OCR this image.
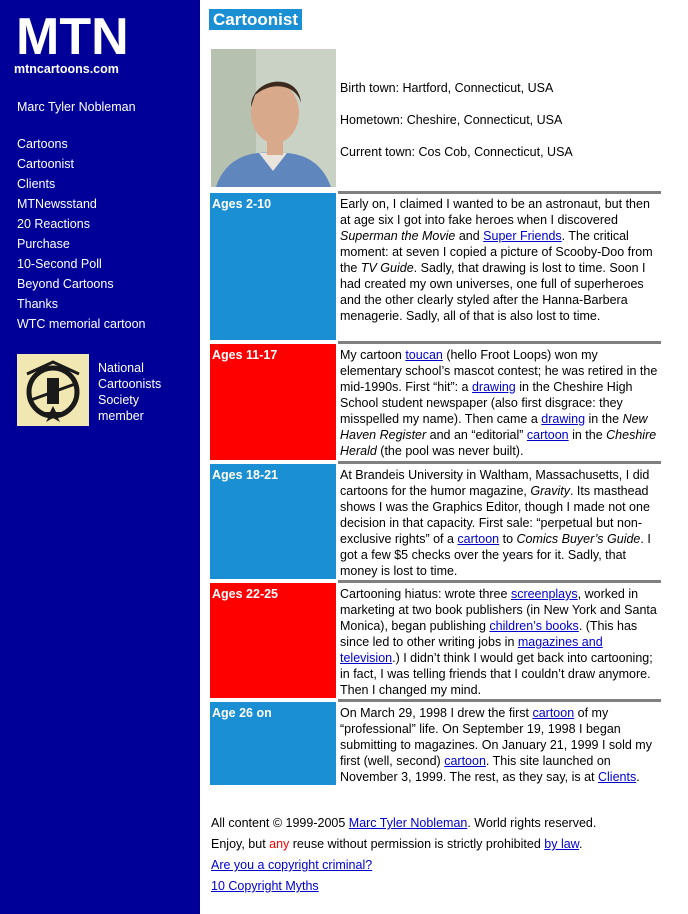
MTN
mtncartoons.com
Marc Tyler Nobleman
Cartoons
Cartoonist
Clients
MTNewsstand
20 Reactions
Purchase
10-Second Poll
Beyond Cartoons
Thanks
WTC memorial cartoon
National
Cartoonists
Society
member
Cartoonist
Birth town: Hartford, Connecticut, USA
Hometown: Cheshire, Connecticut, USA
Current town: Cos Cob, Connecticut, USA
Ages 2-10	Early on, I claimed I wanted to be an astronaut, but then at age six I got into fake heroes when I discovered Superman the Movie and Super Friends. The critical moment: at seven I copied a picture of Scooby-Doo from the TV Guide. Sadly, that drawing is lost to time. Soon I had created my own universes, one full of superheroes and the other clearly styled after the Hanna-Barbera menagerie. Sadly, all of that is also lost to time.
Ages 11-17	My cartoon toucan (hello Froot Loops) won my elementary school’s mascot contest; he was retired in the mid-1990s. First “hit”: a drawing in the Cheshire High School student newspaper (also first disgrace: they misspelled my name). Then came a drawing in the New Haven Register and an “editorial” cartoon in the Cheshire Herald (the pool was never built).
Ages 18-21	At Brandeis University in Waltham, Massachusetts, I did cartoons for the humor magazine, Gravity. Its masthead shows I was the Graphics Editor, though I made not one decision in that capacity. First sale: “perpetual but non-exclusive rights” of a cartoon to Comics Buyer’s Guide. I got a few $5 checks over the years for it. Sadly, that money is lost to time.
Ages 22-25	Cartooning hiatus: wrote three screenplays, worked in marketing at two book publishers (in New York and Santa Monica), began publishing children’s books. (This has since led to other writing jobs in magazines and television.) I didn’t think I would get back into cartooning; in fact, I was telling friends that I couldn’t draw anymore. Then I changed my mind.
Age 26 on	On March 29, 1998 I drew the first cartoon of my “professional” life. On September 19, 1998 I began submitting to magazines. On January 21, 1999 I sold my first (well, second) cartoon. This site launched on November 3, 1999. The rest, as they say, is at Clients.
All content © 1999-2005 Marc Tyler Nobleman. World rights reserved.
Enjoy, but any reuse without permission is strictly prohibited by law.
Are you a copyright criminal?
10 Copyright Myths
